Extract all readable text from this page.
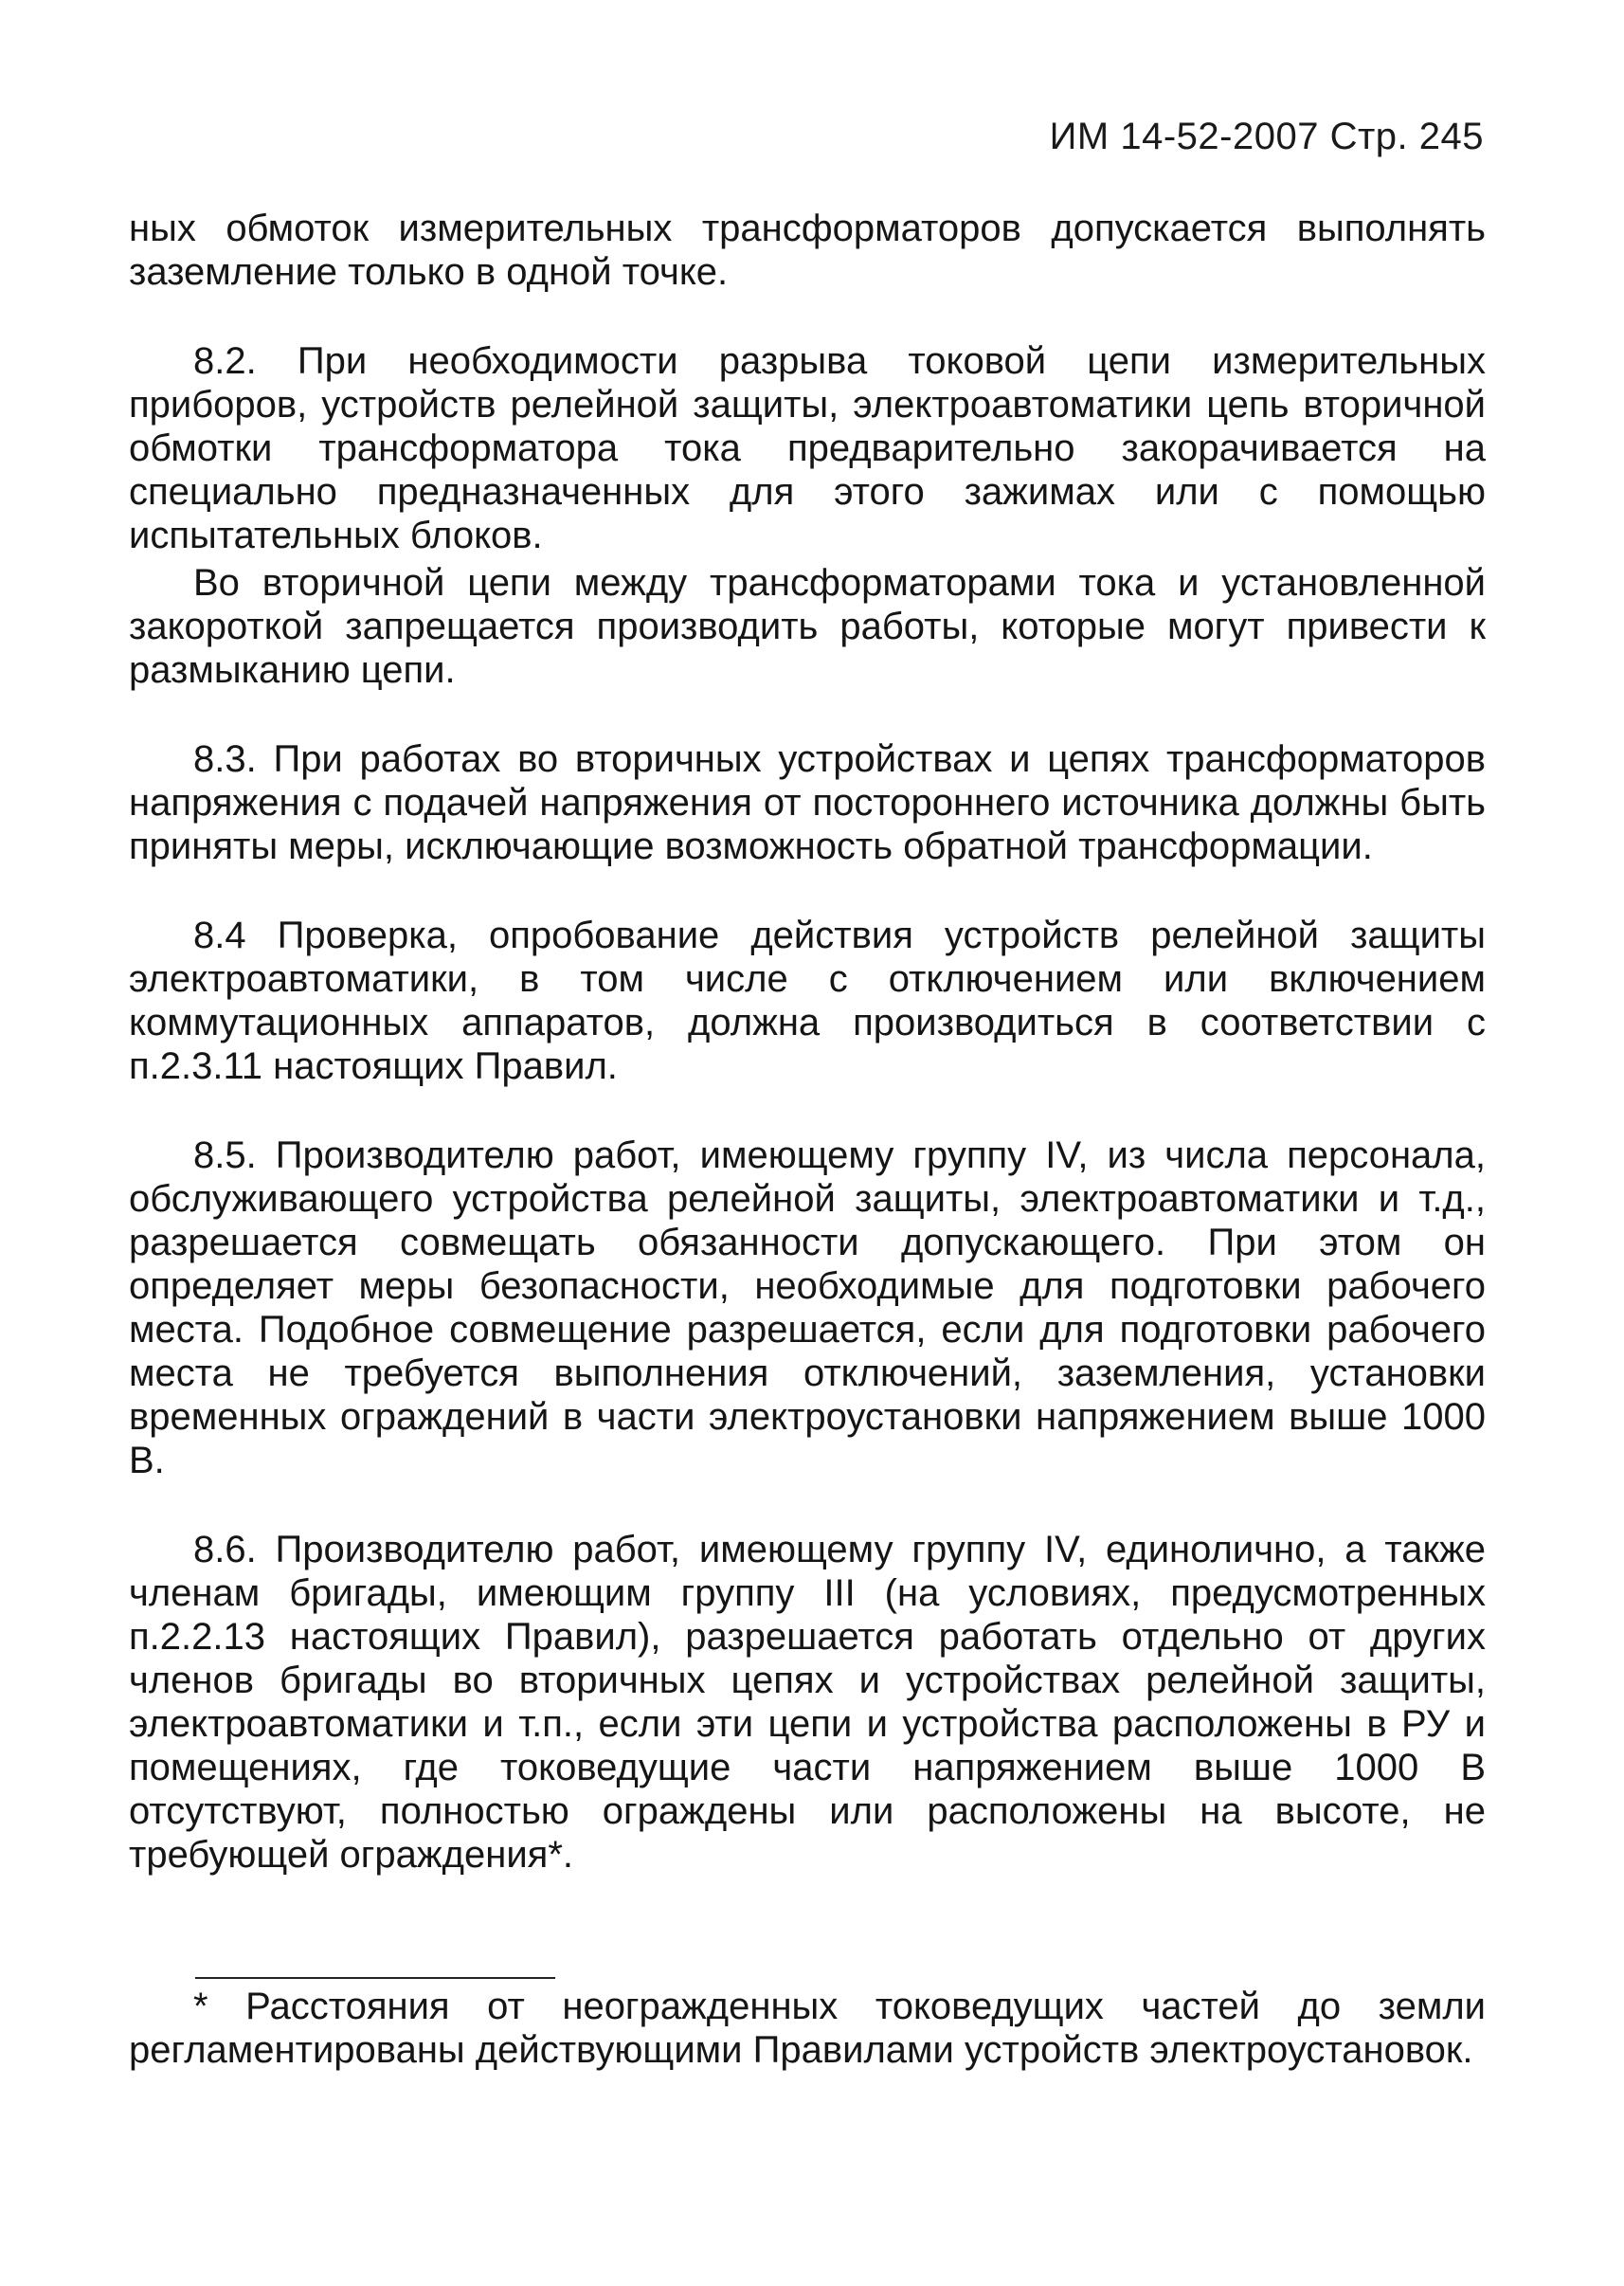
ИМ 14-52-2007 Стр. 245

ных обмоток измерительных трансформаторов допускается выполнять заземление только в одной точке.

8.2. При необходимости разрыва токовой цепи измерительных приборов, устройств релейной защиты, электроавтоматики цепь вторичной обмотки трансформатора тока предварительно закорачивается на специально предназначенных для этого зажимах или с помощью испытательных блоков.

Во вторичной цепи между трансформаторами тока и установленной закороткой запрещается производить работы, которые могут привести к размыканию цепи.

8.3. При работах во вторичных устройствах и цепях трансформаторов напряжения с подачей напряжения от постороннего источника должны быть приняты меры, исключающие возможность обратной трансформации.

8.4 Проверка, опробование действия устройств релейной защиты электроавтоматики, в том числе с отключением или включением коммутационных аппаратов, должна производиться в соответствии с п.2.3.11 настоящих Правил.

8.5. Производителю работ, имеющему группу IV, из числа персонала, обслуживающего устройства релейной защиты, электроавтоматики и т.д., разрешается совмещать обязанности допускающего. При этом он определяет меры безопасности, необходимые для подготовки рабочего места. Подобное совмещение разрешается, если для подготовки рабочего места не требуется выполнения отключений, заземления, установки временных ограждений в части электроустановки напряжением выше 1000 В.

8.6. Производителю работ, имеющему группу IV, единолично, а также членам бригады, имеющим группу III (на условиях, предусмотренных п.2.2.13 настоящих Правил), разрешается работать отдельно от других членов бригады во вторичных цепях и устройствах релейной защиты, электроавтоматики и т.п., если эти цепи и устройства расположены в РУ и помещениях, где токоведущие части напряжением выше 1000 В отсутствуют, полностью ограждены или расположены на высоте, не требующей ограждения*.

* Расстояния от неогражденных токоведущих частей до земли регламентированы действующими Правилами устройств электроустановок.
